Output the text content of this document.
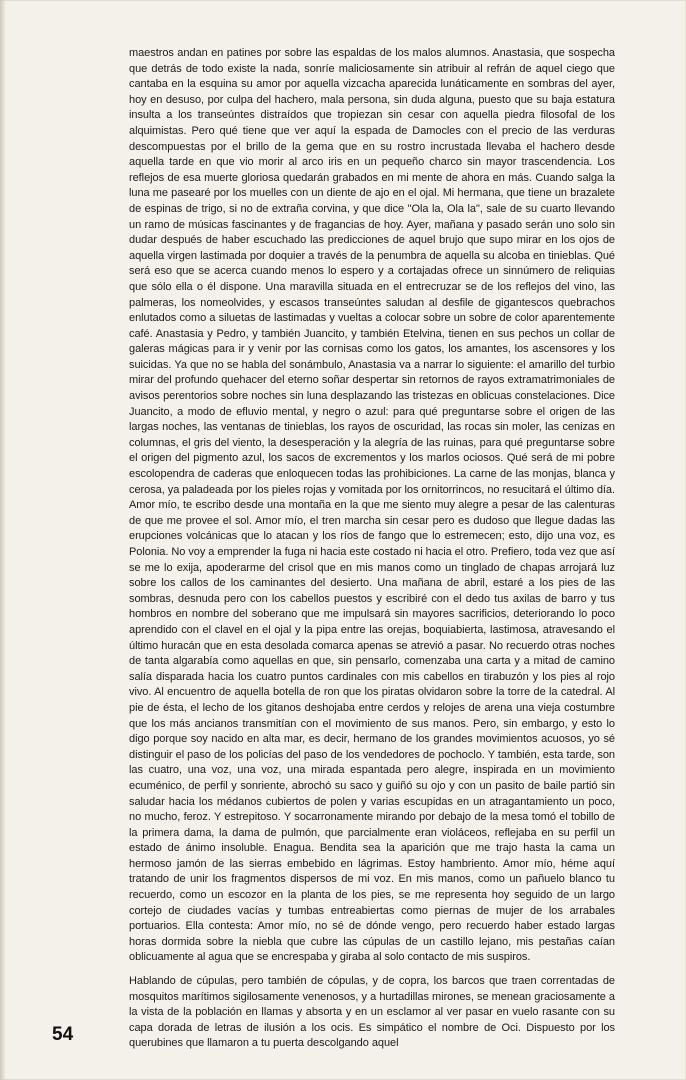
maestros andan en patines por sobre las espaldas de los malos alumnos. Anastasia, que sospecha que detrás de todo existe la nada, sonríe maliciosamente sin atribuir al refrán de aquel ciego que cantaba en la esquina su amor por aquella vizcacha aparecida lunáticamente en sombras del ayer, hoy en desuso, por culpa del hachero, mala persona, sin duda alguna, puesto que su baja estatura insulta a los transeúntes distraídos que tropiezan sin cesar con aquella piedra filosofal de los alquimistas. Pero qué tiene que ver aquí la espada de Damocles con el precio de las verduras descompuestas por el brillo de la gema que en su rostro incrustada llevaba el hachero desde aquella tarde en que vio morir al arco iris en un pequeño charco sin mayor trascendencia. Los reflejos de esa muerte gloriosa quedarán grabados en mi mente de ahora en más. Cuando salga la luna me pasearé por los muelles con un diente de ajo en el ojal. Mi hermana, que tiene un brazalete de espinas de trigo, si no de extraña corvina, y que dice "Ola la, Ola la", sale de su cuarto llevando un ramo de músicas fascinantes y de fragancias de hoy. Ayer, mañana y pasado serán uno solo sin dudar después de haber escuchado las predicciones de aquel brujo que supo mirar en los ojos de aquella virgen lastimada por doquier a través de la penumbra de aquella su alcoba en tinieblas. Qué será eso que se acerca cuando menos lo espero y a cortajadas ofrece un sinnúmero de reliquias que sólo ella o él dispone. Una maravilla situada en el entrecruzar se de los reflejos del vino, las palmeras, los nomeolvides, y escasos transeúntes saludan al desfile de gigantescos quebrachos enlutados como a siluetas de lastimadas y vueltas a colocar sobre un sobre de color aparentemente café. Anastasia y Pedro, y también Juancito, y también Etelvina, tienen en sus pechos un collar de galeras mágicas para ir y venir por las cornisas como los gatos, los amantes, los ascensores y los suicidas. Ya que no se habla del sonámbulo, Anastasia va a narrar lo siguiente: el amarillo del turbio mirar del profundo quehacer del eterno soñar despertar sin retornos de rayos extramatrimoniales de avisos perentorios sobre noches sin luna desplazando las tristezas en oblicuas constelaciones. Dice Juancito, a modo de efluvio mental, y negro o azul: para qué preguntarse sobre el origen de las largas noches, las ventanas de tinieblas, los rayos de oscuridad, las rocas sin moler, las cenizas en columnas, el gris del viento, la desesperación y la alegría de las ruinas, para qué preguntarse sobre el origen del pigmento azul, los sacos de excrementos y los marlos ociosos. Qué será de mi pobre escolopendra de caderas que enloquecen todas las prohibiciones. La carne de las monjas, blanca y cerosa, ya paladeada por los pieles rojas y vomitada por los ornitorrincos, no resucitará el último día. Amor mío, te escribo desde una montaña en la que me siento muy alegre a pesar de las calenturas de que me provee el sol. Amor mío, el tren marcha sin cesar pero es dudoso que llegue dadas las erupciones volcánicas que lo atacan y los ríos de fango que lo estremecen; esto, dijo una voz, es Polonia. No voy a emprender la fuga ni hacia este costado ni hacia el otro. Prefiero, toda vez que así se me lo exija, apoderarme del crisol que en mis manos como un tinglado de chapas arrojará luz sobre los callos de los caminantes del desierto. Una mañana de abril, estaré a los pies de las sombras, desnuda pero con los cabellos puestos y escribiré con el dedo tus axilas de barro y tus hombros en nombre del soberano que me impulsará sin mayores sacrificios, deteriorando lo poco aprendido con el clavel en el ojal y la pipa entre las orejas, boquiabierta, lastimosa, atravesando el último huracán que en esta desolada comarca apenas se atrevió a pasar. No recuerdo otras noches de tanta algarabía como aquellas en que, sin pensarlo, comenzaba una carta y a mitad de camino salía disparada hacia los cuatro puntos cardinales con mis cabellos en tirabuzón y los pies al rojo vivo. Al encuentro de aquella botella de ron que los piratas olvidaron sobre la torre de la catedral. Al pie de ésta, el lecho de los gitanos deshojaba entre cerdos y relojes de arena una vieja costumbre que los más ancianos transmitían con el movimiento de sus manos. Pero, sin embargo, y esto lo digo porque soy nacido en alta mar, es decir, hermano de los grandes movimientos acuosos, yo sé distinguir el paso de los policías del paso de los vendedores de pochoclo. Y también, esta tarde, son las cuatro, una voz, una voz, una mirada espantada pero alegre, inspirada en un movimiento ecuménico, de perfil y sonriente, abrochó su saco y guiñó su ojo y con un pasito de baile partió sin saludar hacia los médanos cubiertos de polen y varias escupidas en un atragantamiento un poco, no mucho, feroz. Y estrepitoso. Y socarronamente mirando por debajo de la mesa tomó el tobillo de la primera dama, la dama de pulmón, que parcialmente eran violáceos, reflejaba en su perfil un estado de ánimo insoluble. Enagua. Bendita sea la aparición que me trajo hasta la cama un hermoso jamón de las sierras embebido en lágrimas. Estoy hambriento. Amor mío, héme aquí tratando de unir los fragmentos dispersos de mi voz. En mis manos, como un pañuelo blanco tu recuerdo, como un escozor en la planta de los pies, se me representa hoy seguido de un largo cortejo de ciudades vacías y tumbas entreabiertas como piernas de mujer de los arrabales portuarios. Ella contesta: Amor mío, no sé de dónde vengo, pero recuerdo haber estado largas horas dormida sobre la niebla que cubre las cúpulas de un castillo lejano, mis pestañas caían oblicuamente al agua que se encrespaba y giraba al solo contacto de mis suspiros.

Hablando de cúpulas, pero también de cópulas, y de copra, los barcos que traen correntadas de mosquitos marítimos sigilosamente venenosos, y a hurtadillas mirones, se menean graciosamente a la vista de la población en llamas y absorta y en un esclamor al ver pasar en vuelo rasante con su capa dorada de letras de ilusión a los ocis. Es simpático el nombre de Oci. Dispuesto por los querubines que llamaron a tu puerta descolgando aquel

54
